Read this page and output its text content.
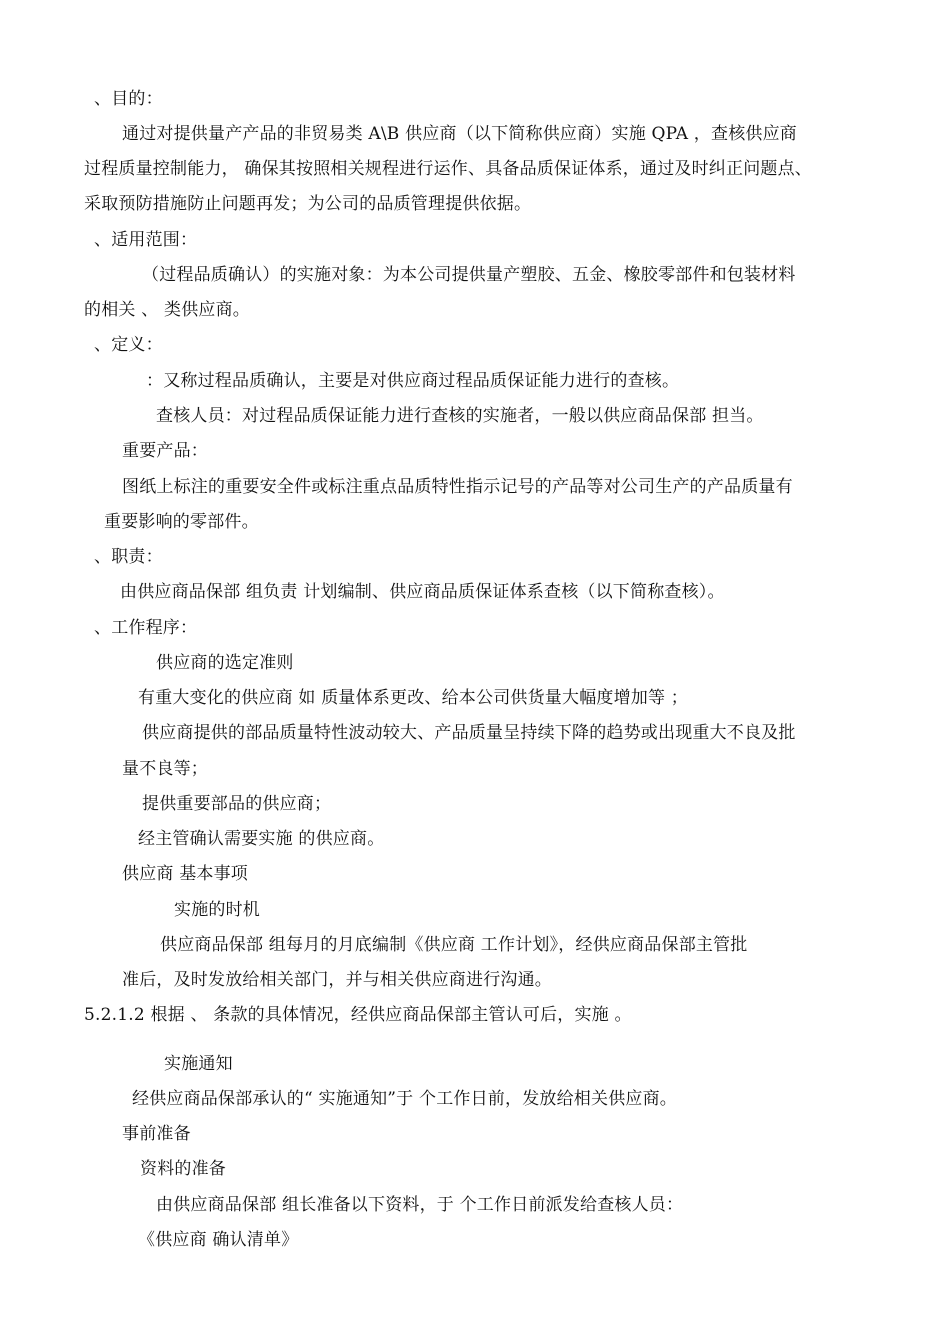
、目的：
通过对提供量产产品的非贸易类 A\B 供应商（以下简称供应商）实施 QPA ，查核供应商
过程质量控制能力， 确保其按照相关规程进行运作、具备品质保证体系，通过及时纠正问题点、
采取预防措施防止问题再发；为公司的品质管理提供依据。
、适用范围：
（过程品质确认）的实施对象：为本公司提供量产塑胶、五金、橡胶零部件和包装材料
的相关 、 类供应商。
、定义：
：又称过程品质确认，主要是对供应商过程品质保证能力进行的查核。
查核人员：对过程品质保证能力进行查核的实施者，一般以供应商品保部 担当。
重要产品：
图纸上标注的重要安全件或标注重点品质特性指示记号的产品等对公司生产的产品质量有
重要影响的零部件。
、职责：
由供应商品保部 组负责 计划编制、供应商品质保证体系查核（以下简称查核）。
、工作程序：
供应商的选定准则
有重大变化的供应商 如 质量体系更改、给本公司供货量大幅度增加等 ；
供应商提供的部品质量特性波动较大、产品质量呈持续下降的趋势或出现重大不良及批
量不良等；
提供重要部品的供应商；
经主管确认需要实施 的供应商。
供应商 基本事项
实施的时机
供应商品保部 组每月的月底编制《供应商 工作计划》，经供应商品保部主管批
准后，及时发放给相关部门，并与相关供应商进行沟通。
5.2.1.2 根据 、 条款的具体情况，经供应商品保部主管认可后，实施 。
实施通知
经供应商品保部承认的“ 实施通知”于 个工作日前，发放给相关供应商。
事前准备
资料的准备
由供应商品保部 组长准备以下资料，于 个工作日前派发给查核人员：
《供应商 确认清单》
